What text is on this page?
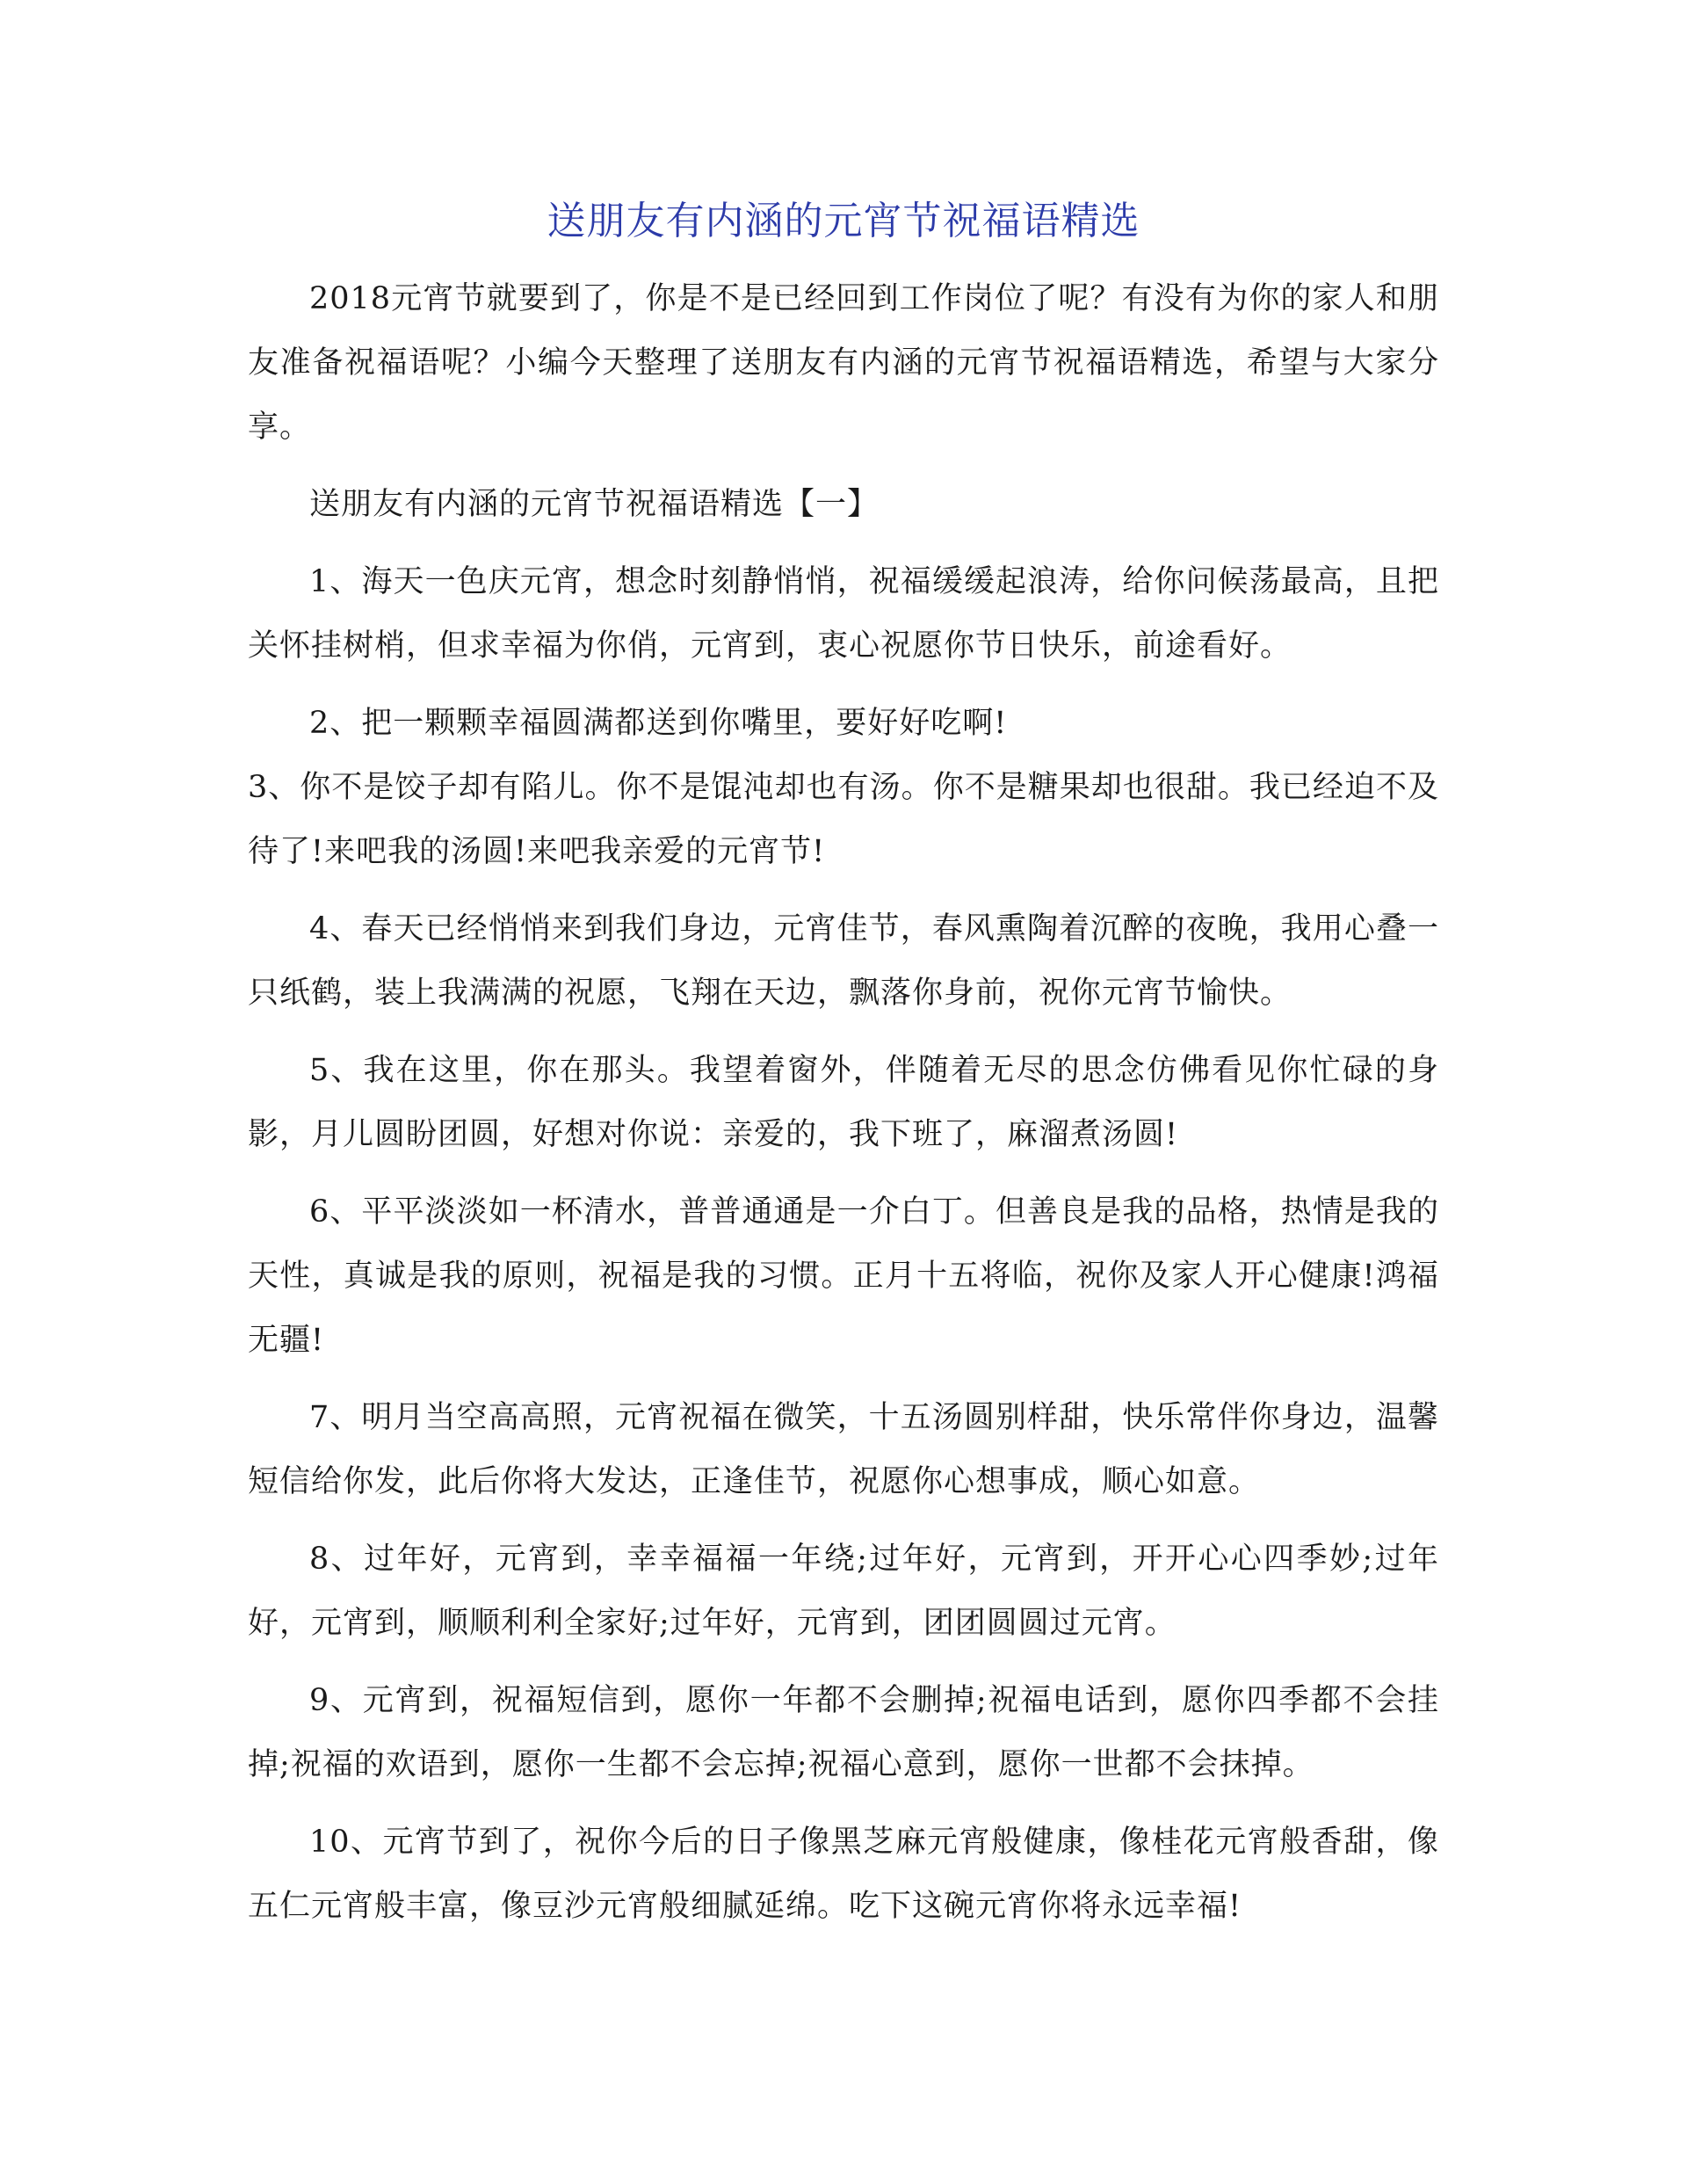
送朋友有内涵的元宵节祝福语精选

2018元宵节就要到了，你是不是已经回到工作岗位了呢？有没有为你的家人和朋友准备祝福语呢？小编今天整理了送朋友有内涵的元宵节祝福语精选，希望与大家分享。

送朋友有内涵的元宵节祝福语精选【一】

1、海天一色庆元宵，想念时刻静悄悄，祝福缓缓起浪涛，给你问候荡最高，且把关怀挂树梢，但求幸福为你俏，元宵到，衷心祝愿你节日快乐，前途看好。

2、把一颗颗幸福圆满都送到你嘴里，要好好吃啊!

3、你不是饺子却有陷儿。你不是馄沌却也有汤。你不是糖果却也很甜。我已经迫不及待了!来吧我的汤圆!来吧我亲爱的元宵节!

4、春天已经悄悄来到我们身边，元宵佳节，春风熏陶着沉醉的夜晚，我用心叠一只纸鹤，装上我满满的祝愿，飞翔在天边，飘落你身前，祝你元宵节愉快。

5、我在这里，你在那头。我望着窗外，伴随着无尽的思念仿佛看见你忙碌的身影，月儿圆盼团圆，好想对你说：亲爱的，我下班了，麻溜煮汤圆!

6、平平淡淡如一杯清水，普普通通是一介白丁。但善良是我的品格，热情是我的天性，真诚是我的原则，祝福是我的习惯。正月十五将临，祝你及家人开心健康!鸿福无疆!

7、明月当空高高照，元宵祝福在微笑，十五汤圆别样甜，快乐常伴你身边，温馨短信给你发，此后你将大发达，正逢佳节，祝愿你心想事成，顺心如意。

8、过年好，元宵到，幸幸福福一年绕;过年好，元宵到，开开心心四季妙;过年好，元宵到，顺顺利利全家好;过年好，元宵到，团团圆圆过元宵。

9、元宵到，祝福短信到，愿你一年都不会删掉;祝福电话到，愿你四季都不会挂掉;祝福的欢语到，愿你一生都不会忘掉;祝福心意到，愿你一世都不会抹掉。

10、元宵节到了，祝你今后的日子像黑芝麻元宵般健康，像桂花元宵般香甜，像五仁元宵般丰富，像豆沙元宵般细腻延绵。吃下这碗元宵你将永远幸福!
